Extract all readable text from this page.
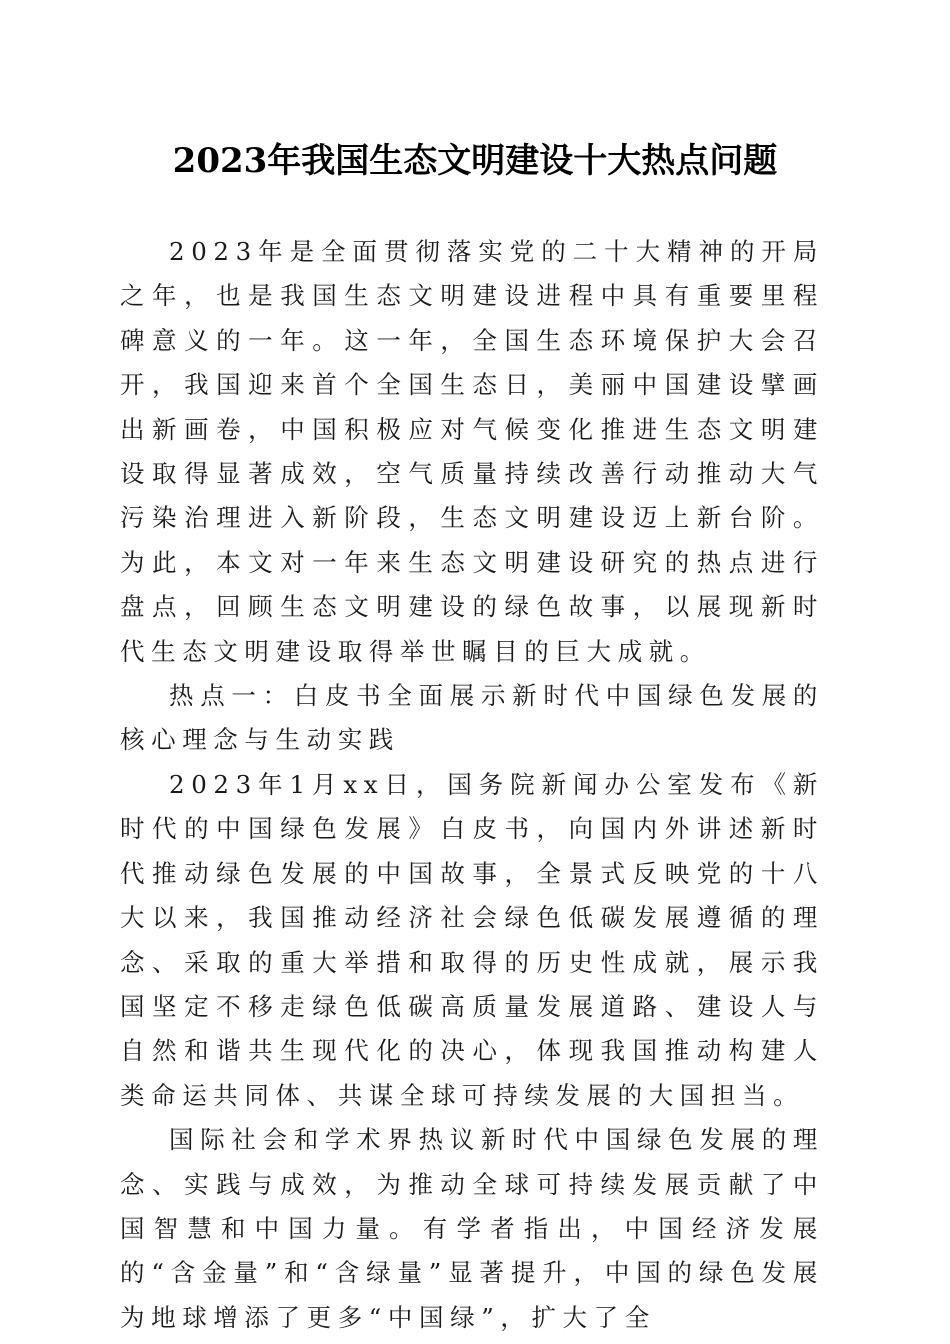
2023年我国生态文明建设十大热点问题

2023年是全面贯彻落实党的二十大精神的开局之年，也是我国生态文明建设进程中具有重要里程碑意义的一年。这一年，全国生态环境保护大会召开，我国迎来首个全国生态日，美丽中国建设擘画出新画卷，中国积极应对气候变化推进生态文明建设取得显著成效，空气质量持续改善行动推动大气污染治理进入新阶段，生态文明建设迈上新台阶。为此，本文对一年来生态文明建设研究的热点进行盘点，回顾生态文明建设的绿色故事，以展现新时代生态文明建设取得举世瞩目的巨大成就。

热点一：白皮书全面展示新时代中国绿色发展的核心理念与生动实践

2023年1月xx日，国务院新闻办公室发布《新时代的中国绿色发展》白皮书，向国内外讲述新时代推动绿色发展的中国故事，全景式反映党的十八大以来，我国推动经济社会绿色低碳发展遵循的理念、采取的重大举措和取得的历史性成就，展示我国坚定不移走绿色低碳高质量发展道路、建设人与自然和谐共生现代化的决心，体现我国推动构建人类命运共同体、共谋全球可持续发展的大国担当。

国际社会和学术界热议新时代中国绿色发展的理念、实践与成效，为推动全球可持续发展贡献了中国智慧和中国力量。有学者指出，中国经济发展的“含金量”和“含绿量”显著提升，中国的绿色发展为地球增添了更多“中国绿”，扩大了全
